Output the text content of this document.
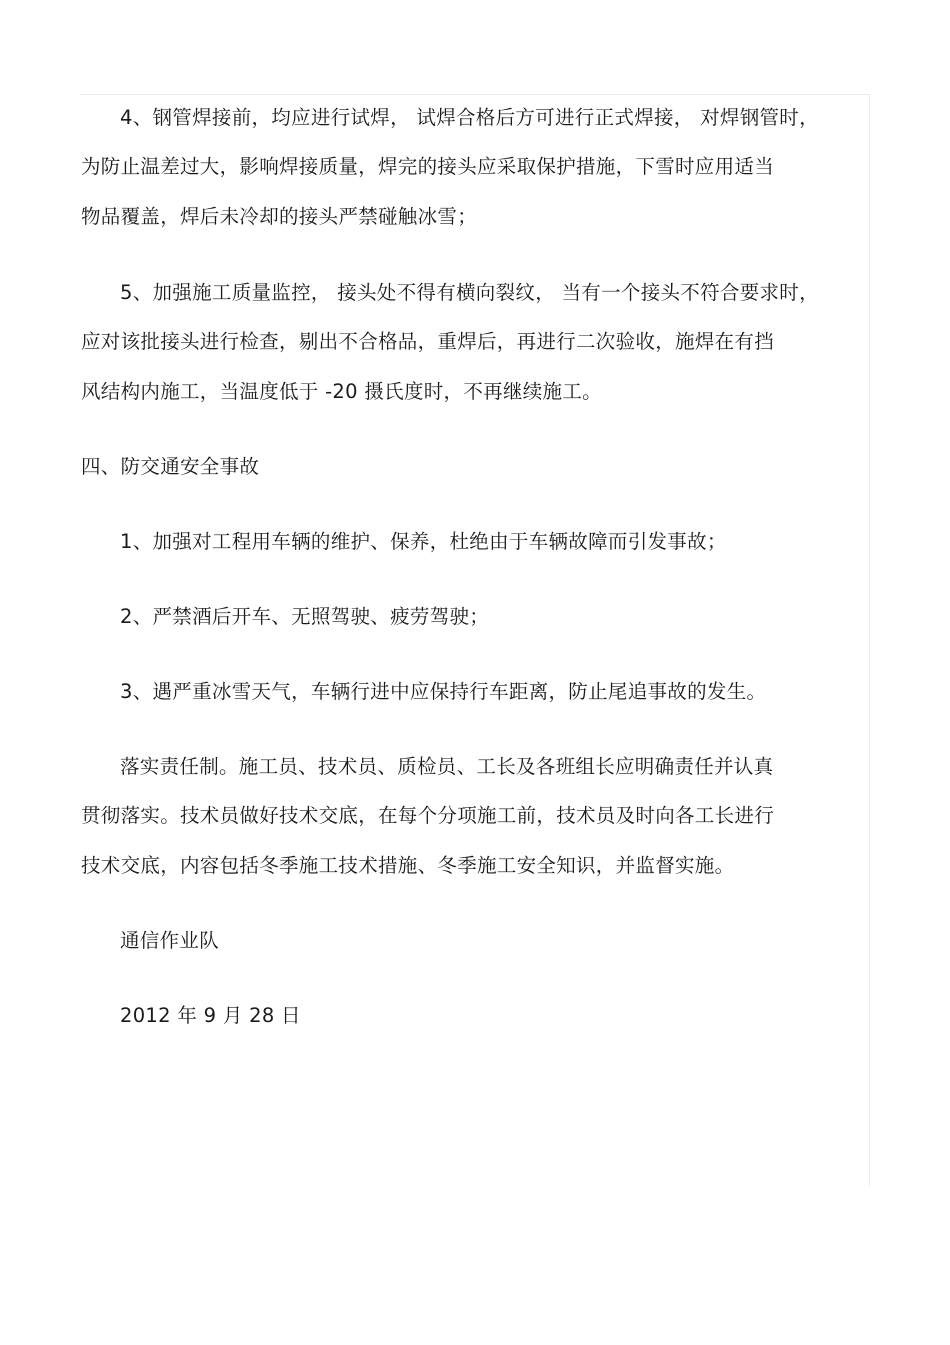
4、钢管焊接前，均应进行试焊， 试焊合格后方可进行正式焊接， 对焊钢管时，
为防止温差过大，影响焊接质量，焊完的接头应采取保护措施，下雪时应用适当
物品覆盖，焊后未冷却的接头严禁碰触冰雪；
5、加强施工质量监控， 接头处不得有横向裂纹， 当有一个接头不符合要求时，
应对该批接头进行检查，剔出不合格品，重焊后，再进行二次验收，施焊在有挡
风结构内施工，当温度低于 -20 摄氏度时，不再继续施工。
四、防交通安全事故
1、加强对工程用车辆的维护、保养，杜绝由于车辆故障而引发事故；
2、严禁酒后开车、无照驾驶、疲劳驾驶；
3、遇严重冰雪天气，车辆行进中应保持行车距离，防止尾追事故的发生。
落实责任制。施工员、技术员、质检员、工长及各班组长应明确责任并认真
贯彻落实。技术员做好技术交底，在每个分项施工前，技术员及时向各工长进行
技术交底，内容包括冬季施工技术措施、冬季施工安全知识，并监督实施。
通信作业队
2012 年 9 月 28 日
